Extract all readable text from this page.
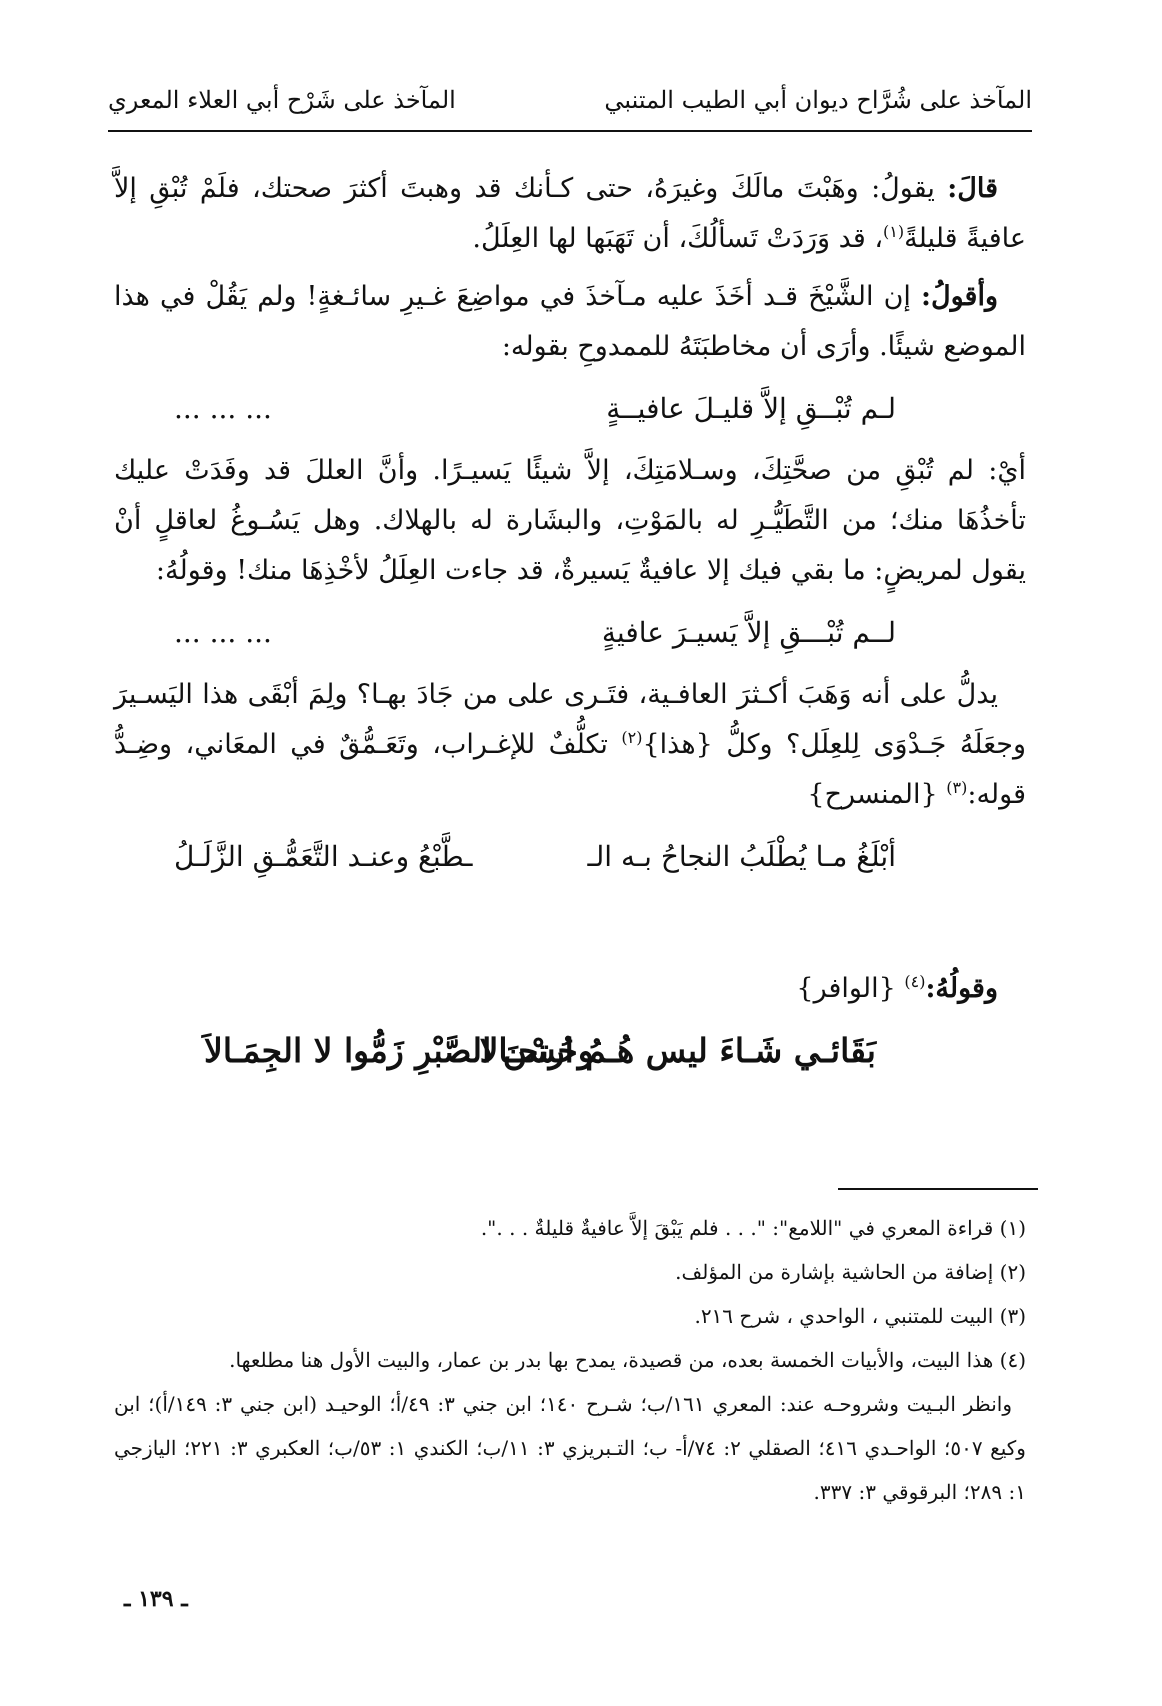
المآخذ على شُرَّاح ديوان أبي الطيب المتنبي
المآخذ على شَرْح أبي العلاء المعري

قالَ: يقولُ: وهَبْتَ مالَكَ وغيرَهُ، حتى كـأنك قد وهبتَ أكثرَ صحتك، فلَمْ تُبْقِ إلاَّ عافيةً قليلةً$^{(١)}$، قد وَرَدَتْ تَسألُكَ، أن تَهَبَها لها العِلَلُ.

وأقولُ: إن الشَّيْخَ قـد أخَذَ عليه مـآخذَ في مواضِعَ غـيرِ سائـغةٍ! ولم يَقُلْ في هذا الموضع شيئًا. وأرَى أن مخاطبَتَهُ للممدوحِ بقوله:

لـم تُبْــقِ إلاَّ قليـلَ عافيــةٍ
... ... ...

أيْ: لم تُبْقِ من صحَّتِكَ، وسـلامَتِكَ، إلاَّ شيئًا يَسيـرًا. وأنَّ العللَ قد وفَدَتْ عليك تأخذُهَا منك؛ من التَّطَيُّـرِ له بالمَوْتِ، والبشَارة له بالهلاك. وهل يَسُـوغُ لعاقلٍ أنْ يقول لمريضٍ: ما بقي فيك إلا عافيةٌ يَسيرةٌ، قد جاءت العِلَلُ لأخْذِهَا منك! وقولُهُ:

لــم تُبْـــقِ إلاَّ يَسيـرَ عافيةٍ
... ... ...

يدلُّ على أنه وَهَبَ أكـثرَ العافـية، فتَـرى على من جَادَ بهـا؟ ولِمَ أبْقَى هذا اليَسـيرَ وجعَلَهُ جَـدْوَى لِلعِلَل؟ وكلُّ {هذا}$^{(٢)}$ تكلُّفٌ للإغـراب، وتَعَـمُّقٌ في المعَاني، وضِـدُّ قوله:$^{(٣)}$ {المنسرح}

أبْلَغُ مـا يُطْلَبُ النجاحُ بـه الـ
ـطَّبْعُ وعنـد التَّعَمُّـقِ الزَّلَـلُ

وقولُهُ:$^{(٤)}$ {الوافر}

بَقَائـي شَـاءَ ليس هُـمُ ارتحـالا
وحُسْنَ الصَّبْرِ زَمُّوا لا الجِمَـالاَ

(١) قراءة المعري في "اللامع": ". . . فلم يَبْقَ إلاَّ عافيةٌ قليلةٌ . . .".

(٢) إضافة من الحاشية بإشارة من المؤلف.

(٣) البيت للمتنبي ، الواحدي ، شرح ٢١٦.

(٤) هذا البيت، والأبيات الخمسة بعده، من قصيدة، يمدح بها بدر بن عمار، والبيت الأول هنا مطلعها.

وانظر البـيت وشروحـه عند: المعري ١٦١/ب؛ شـرح ١٤٠؛ ابن جني ٣: ٤٩/أ؛ الوحيـد (ابن جني ٣: ١٤٩/أ)؛ ابن وكيع ٥٠٧؛ الواحـدي ٤١٦؛ الصقلي ٢: ٧٤/أ- ب؛ التـبريزي ٣: ١١/ب؛ الكندي ١: ٥٣/ب؛ العكبري ٣: ٢٢١؛ اليازجي ١: ٢٨٩؛ البرقوقي ٣: ٣٣٧.

ـ ١٣٩ ـ
